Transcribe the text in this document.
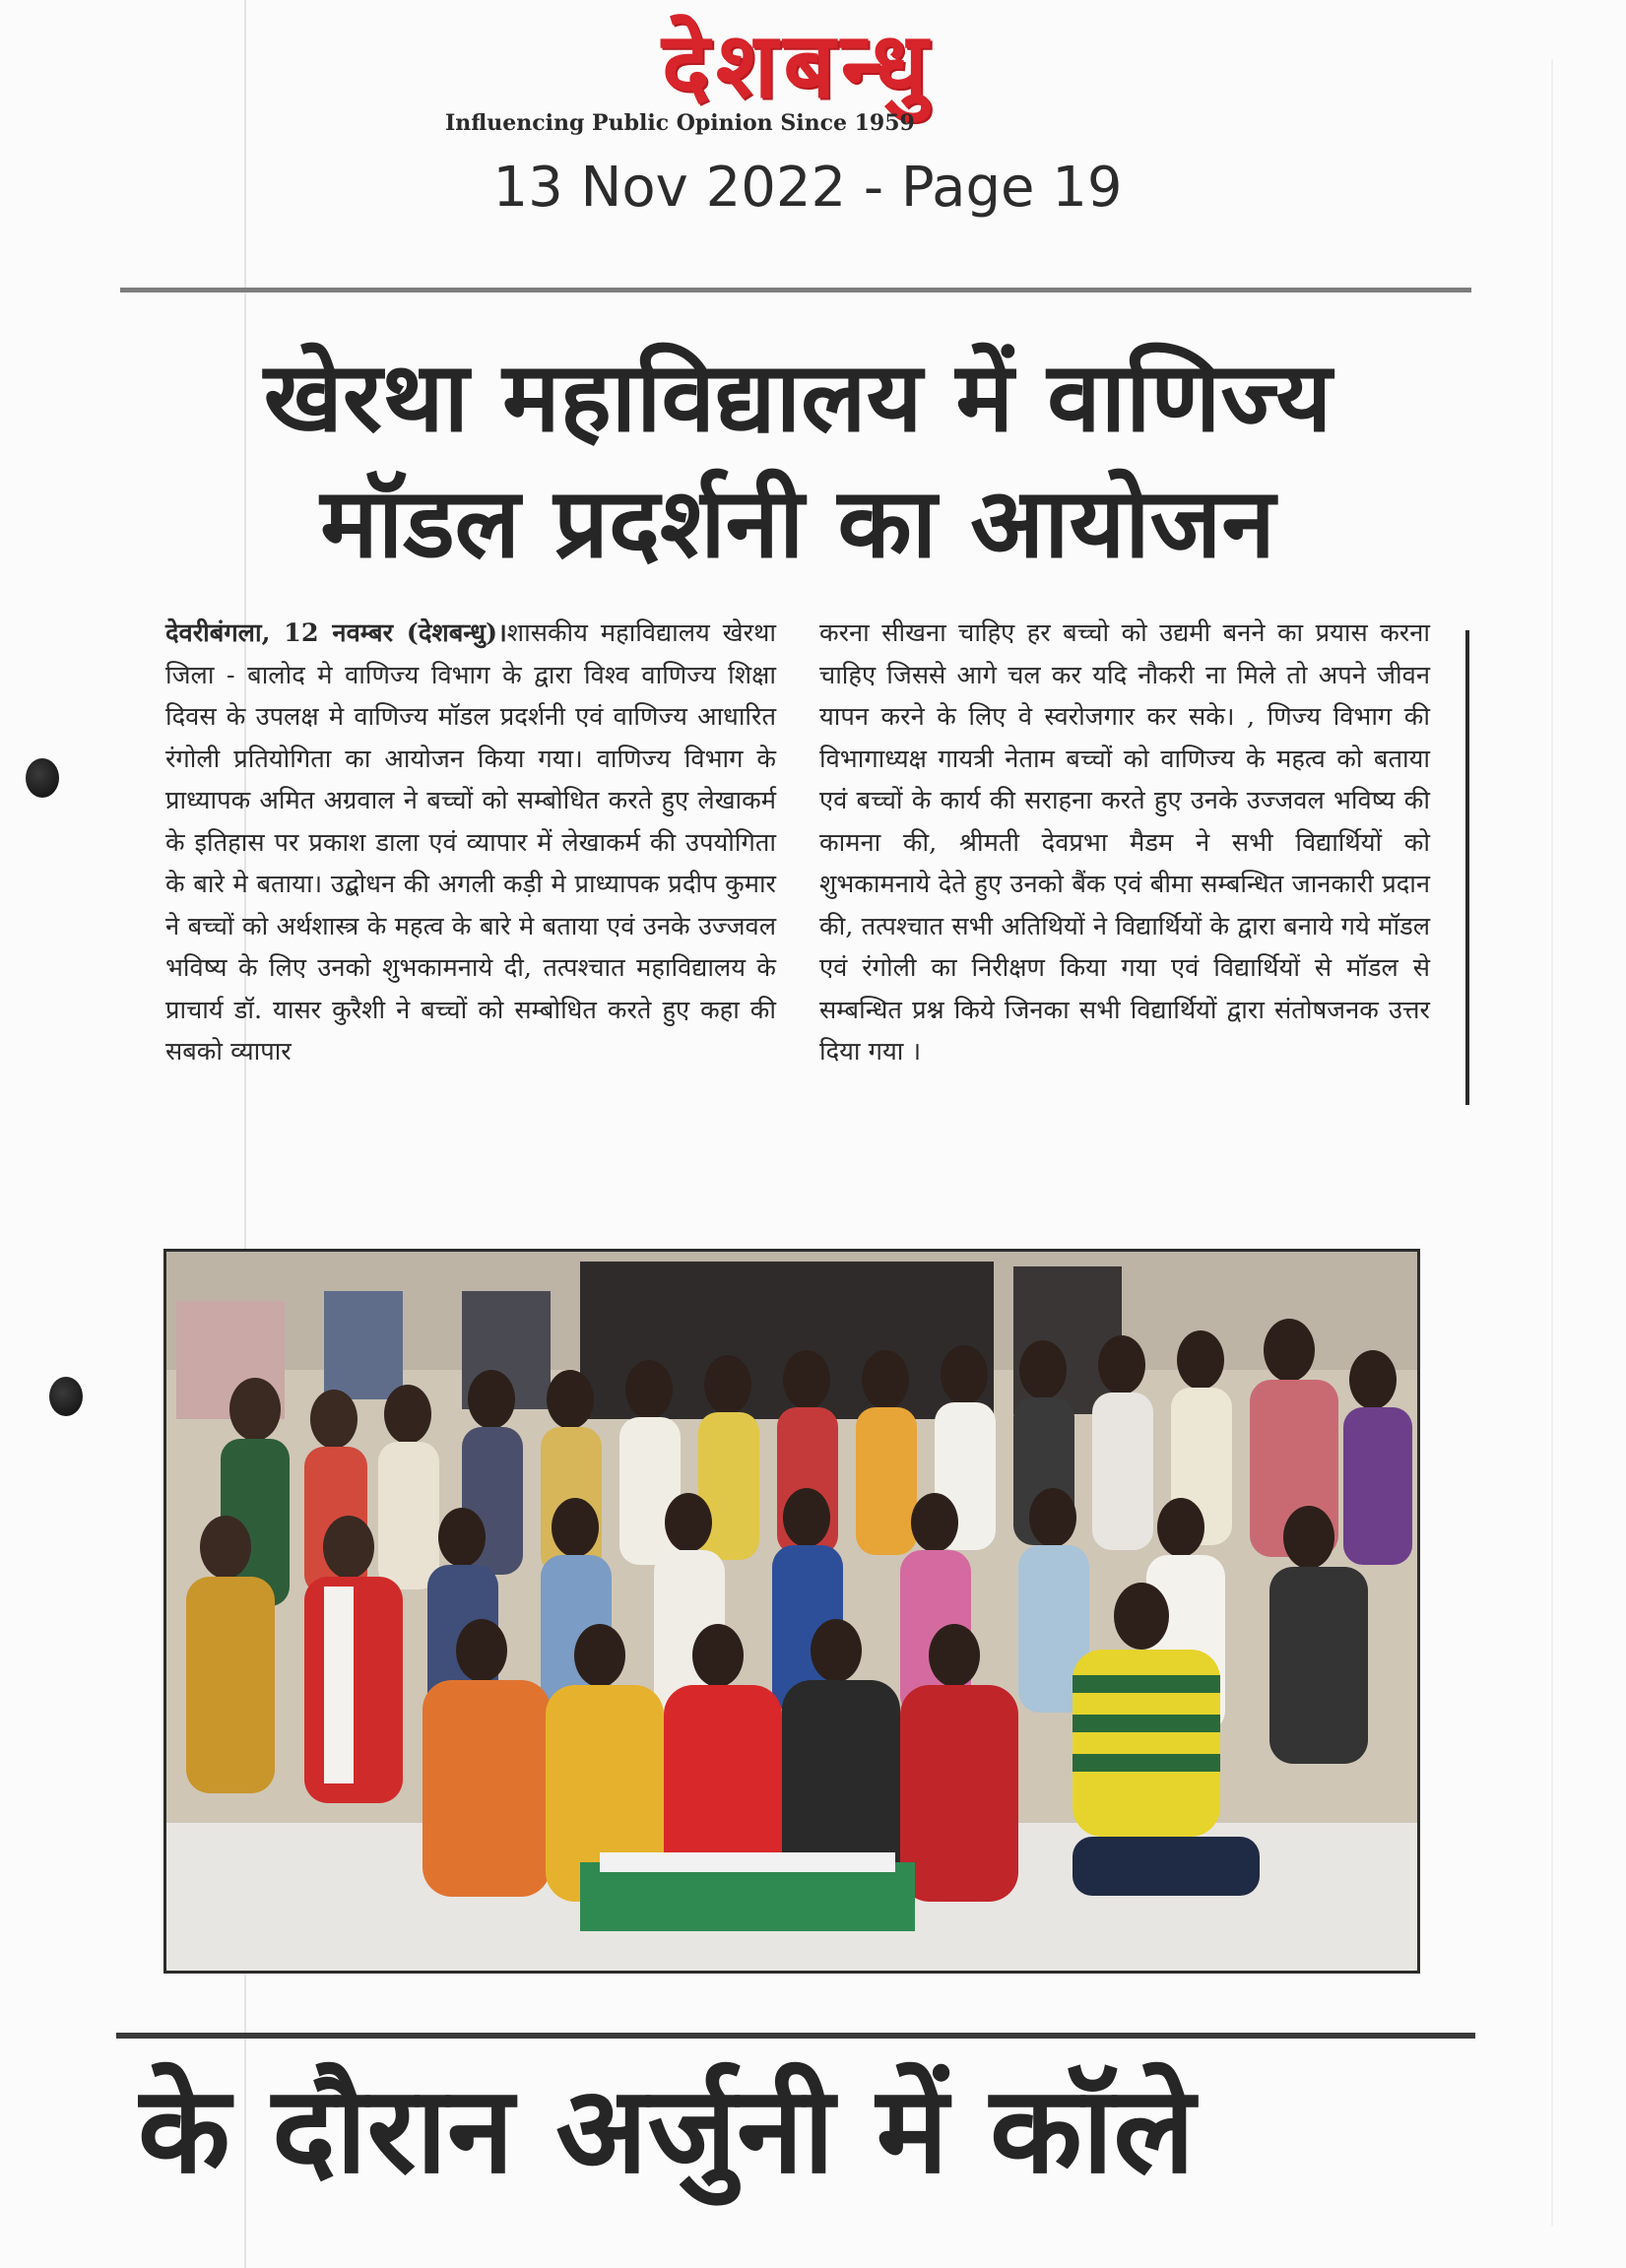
देशबन्धु
Influencing Public Opinion Since 1959
13 Nov 2022 - Page 19
खेरथा महाविद्यालय में वाणिज्य
मॉडल प्रदर्शनी का आयोजन
देवरीबंगला, 12 नवम्बर (देशबन्धु)।शासकीय महाविद्यालय खेरथा जिला - बालोद मे वाणिज्य विभाग के द्वारा विश्व वाणिज्य शिक्षा दिवस के उपलक्ष मे वाणिज्य मॉडल प्रदर्शनी एवं वाणिज्य आधारित रंगोली प्रतियोगिता का आयोजन किया गया। वाणिज्य विभाग के प्राध्यापक अमित अग्रवाल ने बच्चों को सम्बोधित करते हुए लेखाकर्म के इतिहास पर प्रकाश डाला एवं व्यापार में लेखाकर्म की उपयोगिता के बारे मे बताया। उद्बोधन की अगली कड़ी मे प्राध्यापक प्रदीप कुमार ने बच्चों को अर्थशास्त्र के महत्व के बारे मे बताया एवं उनके उज्जवल भविष्य के लिए उनको शुभकामनाये दी, तत्पश्चात महाविद्यालय के प्राचार्य डॉ. यासर कुरैशी ने बच्चों को सम्बोधित करते हुए कहा की सबको व्यापार
करना सीखना चाहिए हर बच्चो को उद्यमी बनने का प्रयास करना चाहिए जिससे आगे चल कर यदि नौकरी ना मिले तो अपने जीवन यापन करने के लिए वे स्वरोजगार कर सके। , णिज्य विभाग की विभागाध्यक्ष गायत्री नेताम बच्चों को वाणिज्य के महत्व को बताया एवं बच्चों के कार्य की सराहना करते हुए उनके उज्जवल भविष्य की कामना की, श्रीमती देवप्रभा मैडम ने सभी विद्यार्थियों को शुभकामनाये देते हुए उनको बैंक एवं बीमा सम्बन्धित जानकारी प्रदान की, तत्पश्चात सभी अतिथियों ने विद्यार्थियों के द्वारा बनाये गये मॉडल एवं रंगोली का निरीक्षण किया गया एवं विद्यार्थियों से मॉडल से सम्बन्धित प्रश्न किये जिनका सभी विद्यार्थियों द्वारा संतोषजनक उत्तर दिया गया ।
के दौरान अर्जुनी में कॉले
